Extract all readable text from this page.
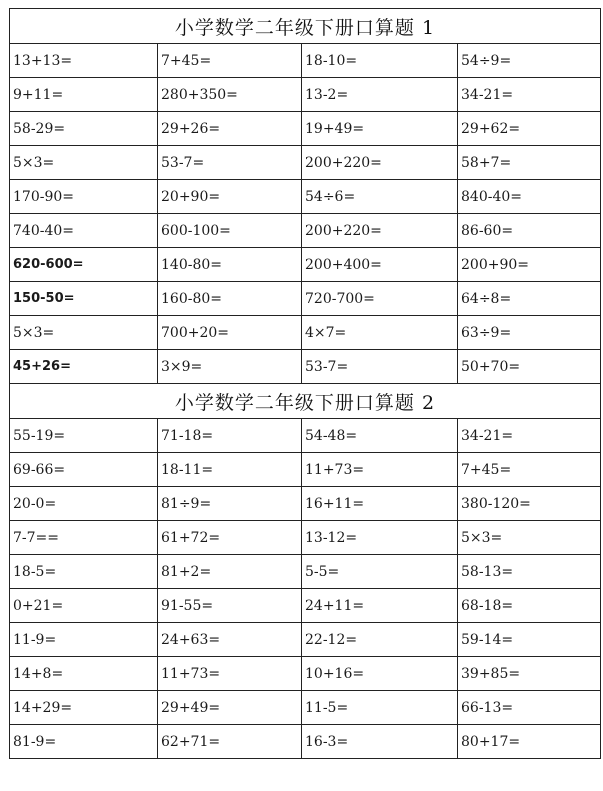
小学数学二年级下册口算题 1
13+13=	7+45=	18-10=	54÷9=
9+11=	280+350=	13-2=	34-21=
58-29=	29+26=	19+49=	29+62=
5×3=	53-7=	200+220=	58+7=
170-90=	20+90=	54÷6=	840-40=
740-40=	600-100=	200+220=	86-60=
620-600=	140-80=	200+400=	200+90=
150-50=	160-80=	720-700=	64÷8=
5×3=	700+20=	4×7=	63÷9=
45+26=	3×9=	53-7=	50+70=
小学数学二年级下册口算题 2
55-19=	71-18=	54-48=	34-21=
69-66=	18-11=	11+73=	7+45=
20-0=	81÷9=	16+11=	380-120=
7-7==	61+72=	13-12=	5×3=
18-5=	81+2=	5-5=	58-13=
0+21=	91-55=	24+11=	68-18=
11-9=	24+63=	22-12=	59-14=
14+8=	11+73=	10+16=	39+85=
14+29=	29+49=	11-5=	66-13=
81-9=	62+71=	16-3=	80+17=
